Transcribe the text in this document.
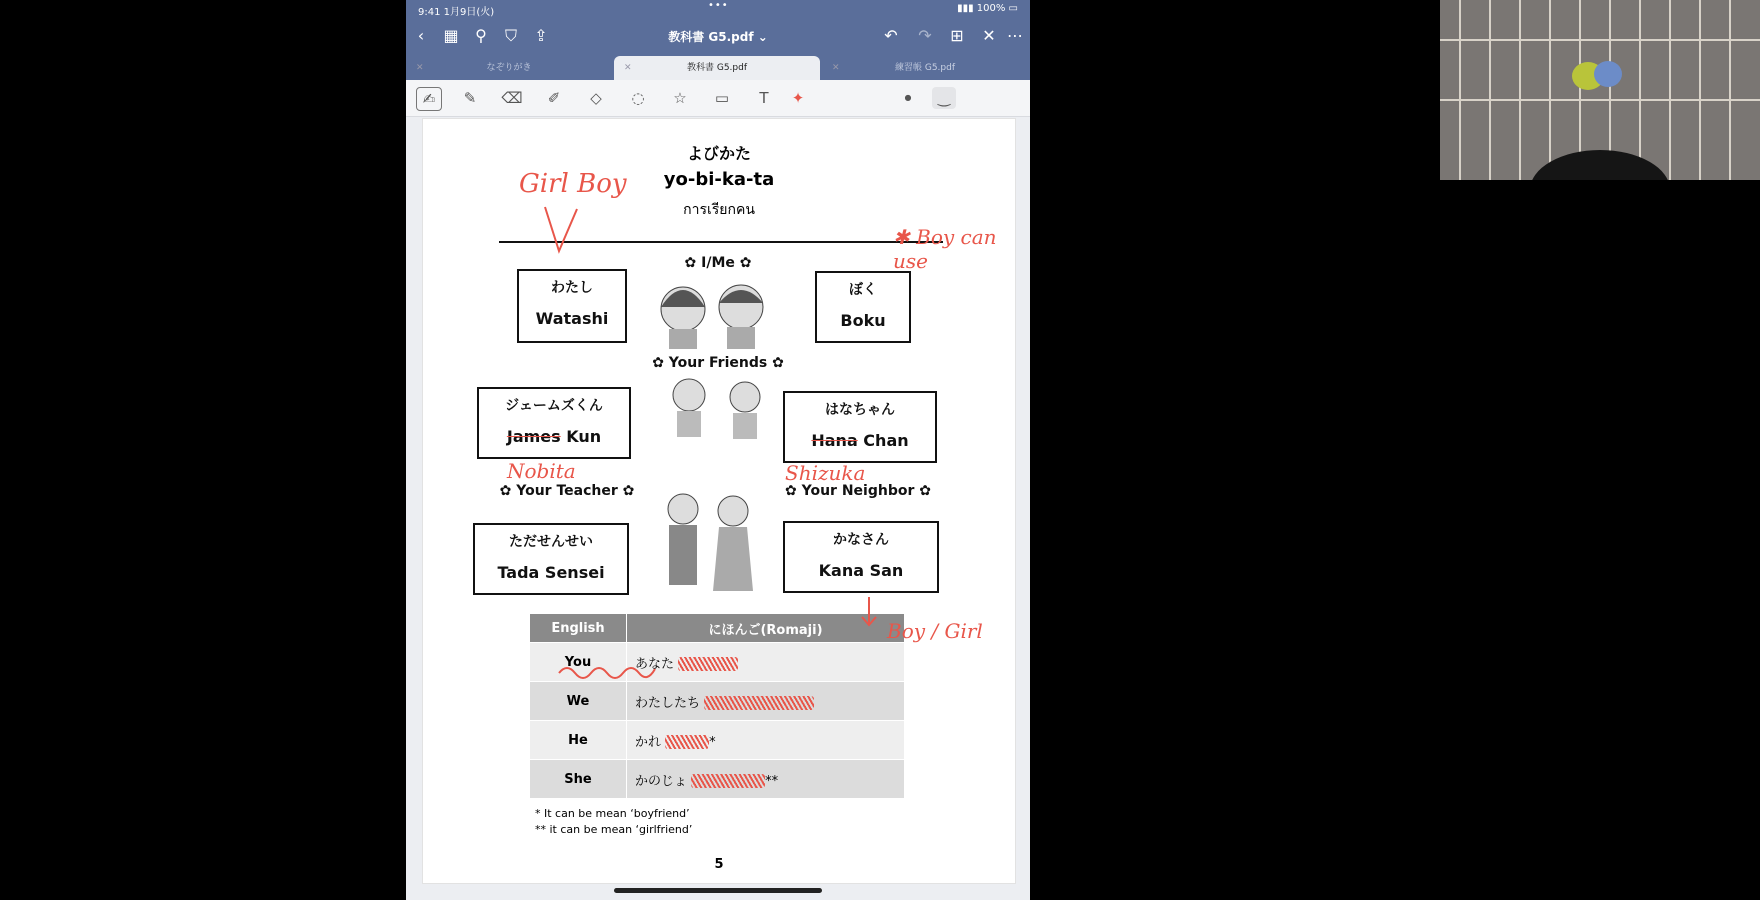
9:41 1月9日(火)
•••	▮▮▮ 100% ▭
‹	▦	⚲	⛉	⇪	教科書 G5.pdf ⌄	↶ ↷ ⊞ ✕ ⋯
✕	なぞりがき	✕	教科書 G5.pdf	✕	練習帳 G5.pdf
✍	✎	⌫	✐	◇	◌	☆	▭	T	✦	●	‿
よびかた
yo-bi-ka-ta
การเรียกคน
✿ I/Me ✿
わたし
Watashi
ぼく
Boku
✿ Your Friends ✿
ジェームズくん
James Kun
はなちゃん
Hana Chan
✿ Your Teacher ✿	✿ Your Neighbor ✿
ただせんせい
Tada Sensei
かなさん
Kana San
English	にほんご(Romaji)
You	あなた
We	わたしたち
He	かれ *
She	かのじょ **
* It can be mean ‘boyfriend’
** it can be mean ‘girlfriend’
5
Girl Boy
✱ Boy can use
Nobita	Shizuka
Boy / Girl
